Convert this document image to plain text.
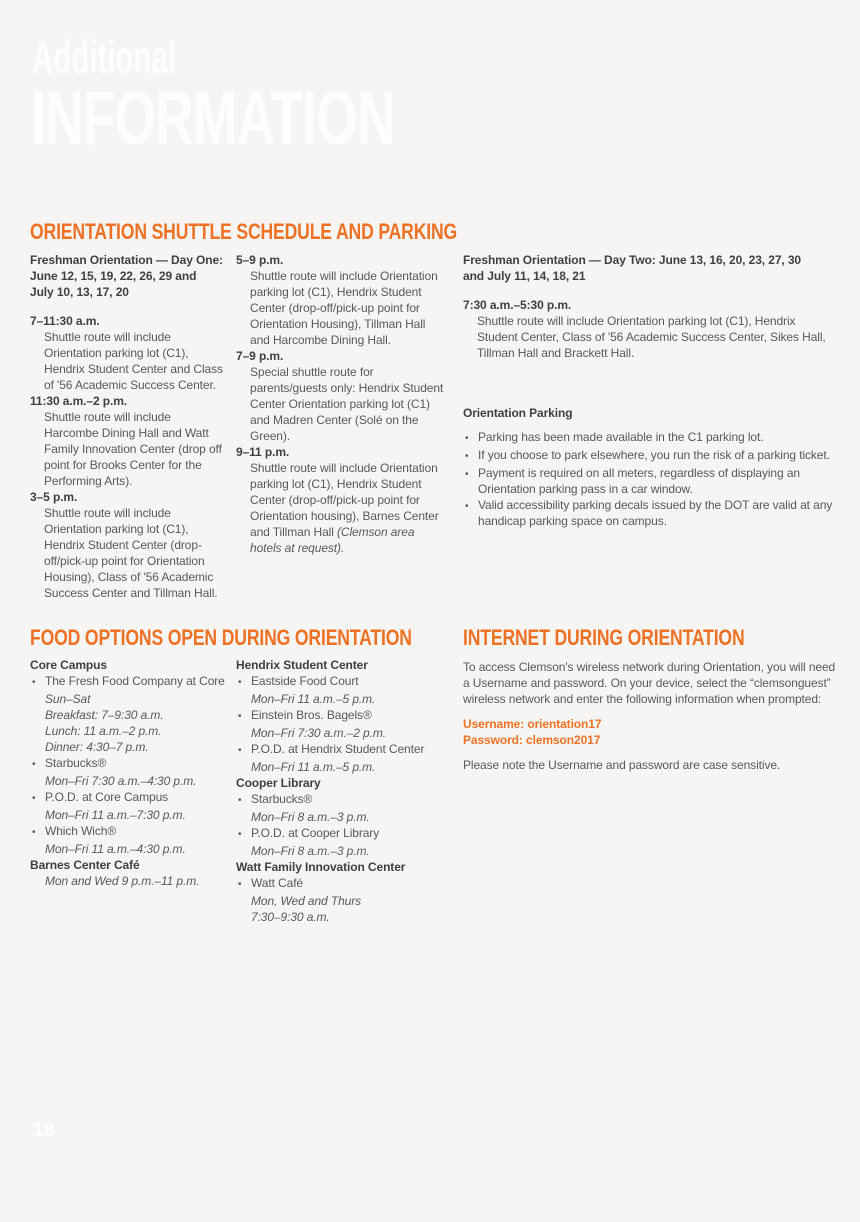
Additional
INFORMATION
ORIENTATION SHUTTLE SCHEDULE AND PARKING
Freshman Orientation — Day One:
June 12, 15, 19, 22, 26, 29 and
July 10, 13, 17, 20
7–11:30 a.m.

Shuttle route will include Orientation parking lot (C1), Hendrix Student Center and Class of '56 Academic Success Center.

11:30 a.m.–2 p.m.

Shuttle route will include Harcombe Dining Hall and Watt Family Innovation Center (drop off point for Brooks Center for the Performing Arts).

3–5 p.m.

Shuttle route will include Orientation parking lot (C1), Hendrix Student Center (drop-off/pick-up point for Orientation Housing), Class of '56 Academic Success Center and Tillman Hall.

5–9 p.m.

Shuttle route will include Orientation parking lot (C1), Hendrix Student Center (drop-off/pick-up point for Orientation Housing), Tillman Hall and Harcombe Dining Hall.

7–9 p.m.

Special shuttle route for parents/guests only: Hendrix Student Center Orientation parking lot (C1) and Madren Center (Solé on the Green).

9–11 p.m.

Shuttle route will include Orientation parking lot (C1), Hendrix Student Center (drop-off/pick-up point for Orientation housing), Barnes Center and Tillman Hall (Clemson area hotels at request).

Freshman Orientation — Day Two: June 13, 16, 20, 23, 27, 30
and July 11, 14, 18, 21
7:30 a.m.–5:30 p.m.

Shuttle route will include Orientation parking lot (C1), Hendrix Student Center, Class of '56 Academic Success Center, Sikes Hall, Tillman Hall and Brackett Hall.

Orientation Parking
•

Parking has been made available in the C1 parking lot.

•

If you choose to park elsewhere, you run the risk of a parking ticket.

•

Payment is required on all meters, regardless of displaying an Orientation parking pass in a car window.

•

Valid accessibility parking decals issued by the DOT are valid at any handicap parking space on campus.

FOOD OPTIONS OPEN DURING ORIENTATION
Core Campus
•

The Fresh Food Company at Core

Sun–Sat

Breakfast: 7–9:30 a.m.

Lunch: 11 a.m.–2 p.m.

Dinner: 4:30–7 p.m.

•

Starbucks®

Mon–Fri 7:30 a.m.–4:30 p.m.

•

P.O.D. at Core Campus

Mon–Fri 11 a.m.–7:30 p.m.

•

Which Wich®

Mon–Fri 11 a.m.–4:30 p.m.

Barnes Center Café

Mon and Wed 9 p.m.–11 p.m.

Hendrix Student Center
•

Eastside Food Court

Mon–Fri 11 a.m.–5 p.m.

•

Einstein Bros. Bagels®

Mon–Fri 7:30 a.m.–2 p.m.

•

P.O.D. at Hendrix Student Center

Mon–Fri 11 a.m.–5 p.m.

Cooper Library
•

Starbucks®

Mon–Fri 8 a.m.–3 p.m.

•

P.O.D. at Cooper Library

Mon–Fri 8 a.m.–3 p.m.

Watt Family Innovation Center
•

Watt Café

Mon, Wed and Thurs

7:30–9:30 a.m.

INTERNET DURING ORIENTATION

To access Clemson's wireless network during Orientation, you will need a Username and password. On your device, select the “clemsonguest” wireless network and enter the following information when prompted:

Username: orientation17

Password: clemson2017

Please note the Username and password are case sensitive.

18
